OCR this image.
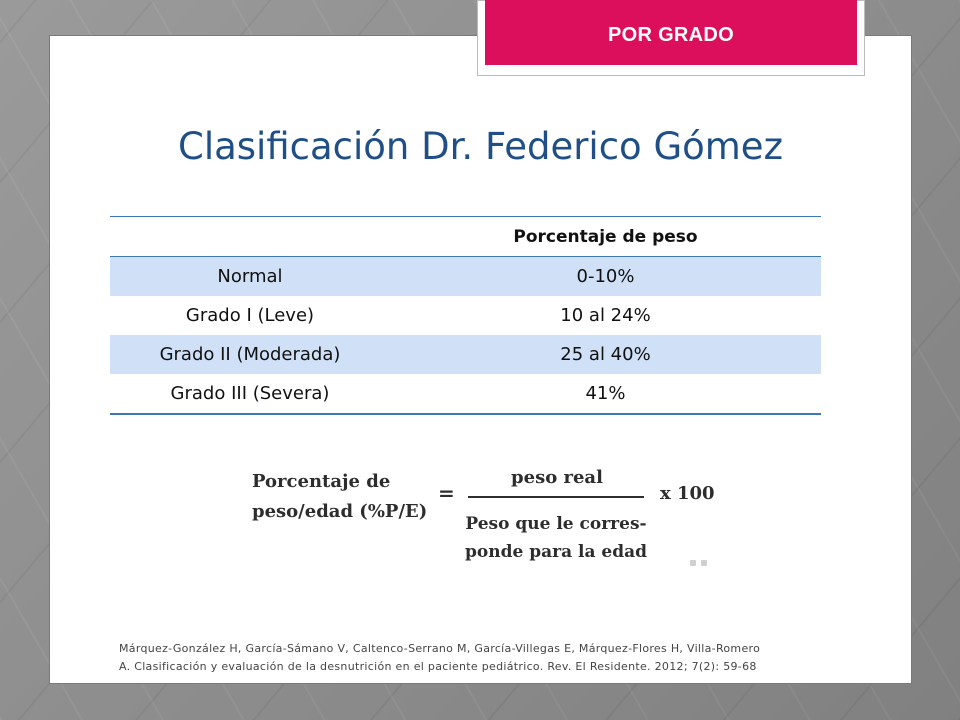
POR GRADO
Clasificación Dr. Federico Gómez
	Porcentaje de peso
Normal	0-10%
Grado I (Leve)	10 al 24%
Grado II (Moderada)	25 al 40%
Grado III (Severa)	41%
Porcentaje de
peso/edad (%P/E)
=
peso real
Peso que le corres-
ponde para la edad
x 100
Márquez-González H, García-Sámano V, Caltenco-Serrano M, García-Villegas E, Márquez-Flores H, Villa-Romero
A. Clasificación y evaluación de la desnutrición en el paciente pediátrico. Rev. El Residente. 2012; 7(2): 59-68
